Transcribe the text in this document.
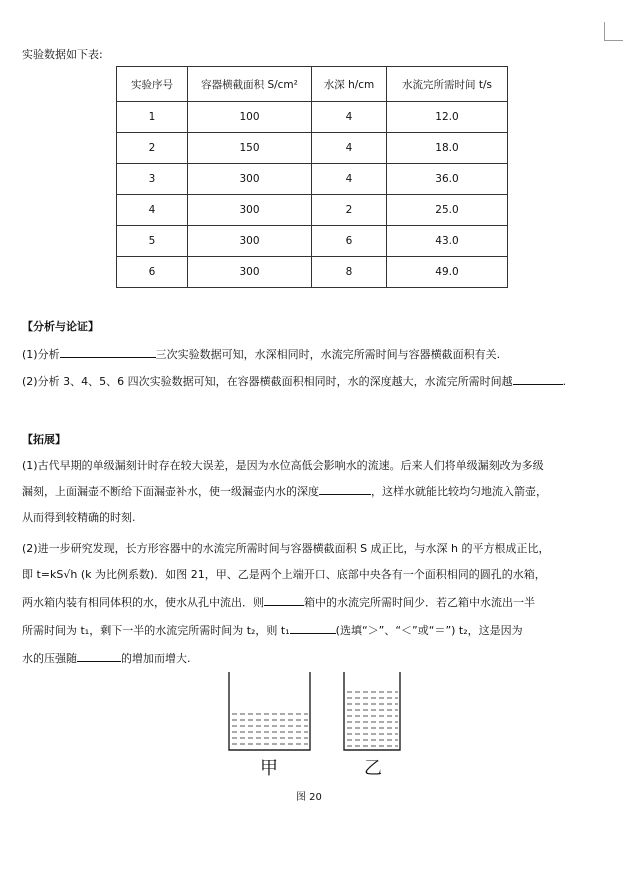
实验数据如下表:
实验序号	容器横截面积 S/cm²	水深 h/cm	水流完所需时间 t/s
1	100	4	12.0
2	150	4	18.0
3	300	4	36.0
4	300	2	25.0
5	300	6	43.0
6	300	8	49.0
【分析与论证】
(1)分析	三次实验数据可知，水深相同时，水流完所需时间与容器横截面积有关.
(2)分析 3、4、5、6 四次实验数据可知，在容器横截面积相同时，水的深度越大，水流完所需时间越	.
【拓展】
(1)古代早期的单级漏刻计时存在较大误差，是因为水位高低会影响水的流速。后来人们将单级漏刻改为多级
漏刻，上面漏壶不断给下面漏壶补水，使一级漏壶内水的深度	，这样水就能比较均匀地流入箭壶，
从而得到较精确的时刻.
(2)进一步研究发现，长方形容器中的水流完所需时间与容器横截面积 S 成正比，与水深 h 的平方根成正比，
即 t=kS√h (k 为比例系数)．如图 21，甲、乙是两个上端开口、底部中央各有一个面积相同的圆孔的水箱，
两水箱内装有相同体积的水，使水从孔中流出．则	箱中的水流完所需时间少．若乙箱中水流出一半
所需时间为 t₁，剩下一半的水流完所需时间为 t₂，则 t₁	(选填“＞”、“＜”或“＝”) t₂，这是因为
水的压强随	的增加而增大.
甲	乙
图 20
